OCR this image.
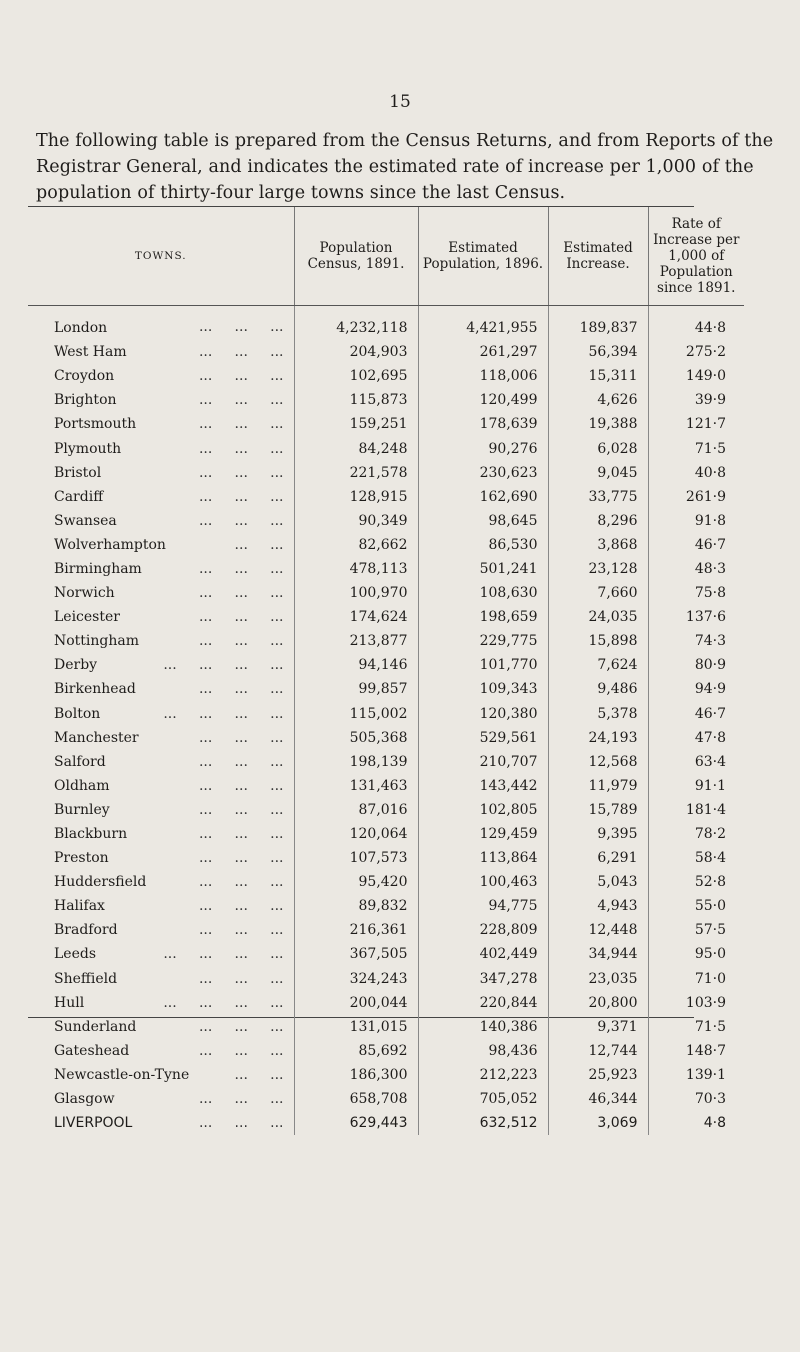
15

The following table is prepared from the Census Returns, and from Reports of the Registrar General, and indicates the estimated rate of increase per 1,000 of the population of thirty-four large towns since the last Census.

TOWNS.	Population Census, 1891.	Estimated Population, 1896.	Estimated Increase.	Rate of Increase per 1,000 of Population since 1891.
London ...     ...     ...	4,232,118	4,421,955	189,837	44·8
West Ham ...     ...     ...	204,903	261,297	56,394	275·2
Croydon ...     ...     ...	102,695	118,006	15,311	149·0
Brighton ...     ...     ...	115,873	120,499	4,626	39·9
Portsmouth ...     ...     ...	159,251	178,639	19,388	121·7
Plymouth ...     ...     ...	84,248	90,276	6,028	71·5
Bristol ...     ...     ...	221,578	230,623	9,045	40·8
Cardiff ...     ...     ...	128,915	162,690	33,775	261·9
Swansea ...     ...     ...	90,349	98,645	8,296	91·8
Wolverhampton ...     ...	82,662	86,530	3,868	46·7
Birmingham ...     ...     ...	478,113	501,241	23,128	48·3
Norwich ...     ...     ...	100,970	108,630	7,660	75·8
Leicester ...     ...     ...	174,624	198,659	24,035	137·6
Nottingham ...     ...     ...	213,877	229,775	15,898	74·3
Derby ...     ...     ...     ...	94,146	101,770	7,624	80·9
Birkenhead ...     ...     ...	99,857	109,343	9,486	94·9
Bolton ...     ...     ...     ...	115,002	120,380	5,378	46·7
Manchester ...     ...     ...	505,368	529,561	24,193	47·8
Salford ...     ...     ...	198,139	210,707	12,568	63·4
Oldham ...     ...     ...	131,463	143,442	11,979	91·1
Burnley ...     ...     ...	87,016	102,805	15,789	181·4
Blackburn ...     ...     ...	120,064	129,459	9,395	78·2
Preston ...     ...     ...	107,573	113,864	6,291	58·4
Huddersfield ...     ...     ...	95,420	100,463	5,043	52·8
Halifax ...     ...     ...	89,832	94,775	4,943	55·0
Bradford ...     ...     ...	216,361	228,809	12,448	57·5
Leeds ...     ...     ...     ...	367,505	402,449	34,944	95·0
Sheffield ...     ...     ...	324,243	347,278	23,035	71·0
Hull ...     ...     ...     ...	200,044	220,844	20,800	103·9
Sunderland ...     ...     ...	131,015	140,386	9,371	71·5
Gateshead ...     ...     ...	85,692	98,436	12,744	148·7
Newcastle-on-Tyne ...     ...	186,300	212,223	25,923	139·1
Glasgow ...     ...     ...	658,708	705,052	46,344	70·3
LIVERPOOL ...     ...     ...	629,443	632,512	3,069	4·8
